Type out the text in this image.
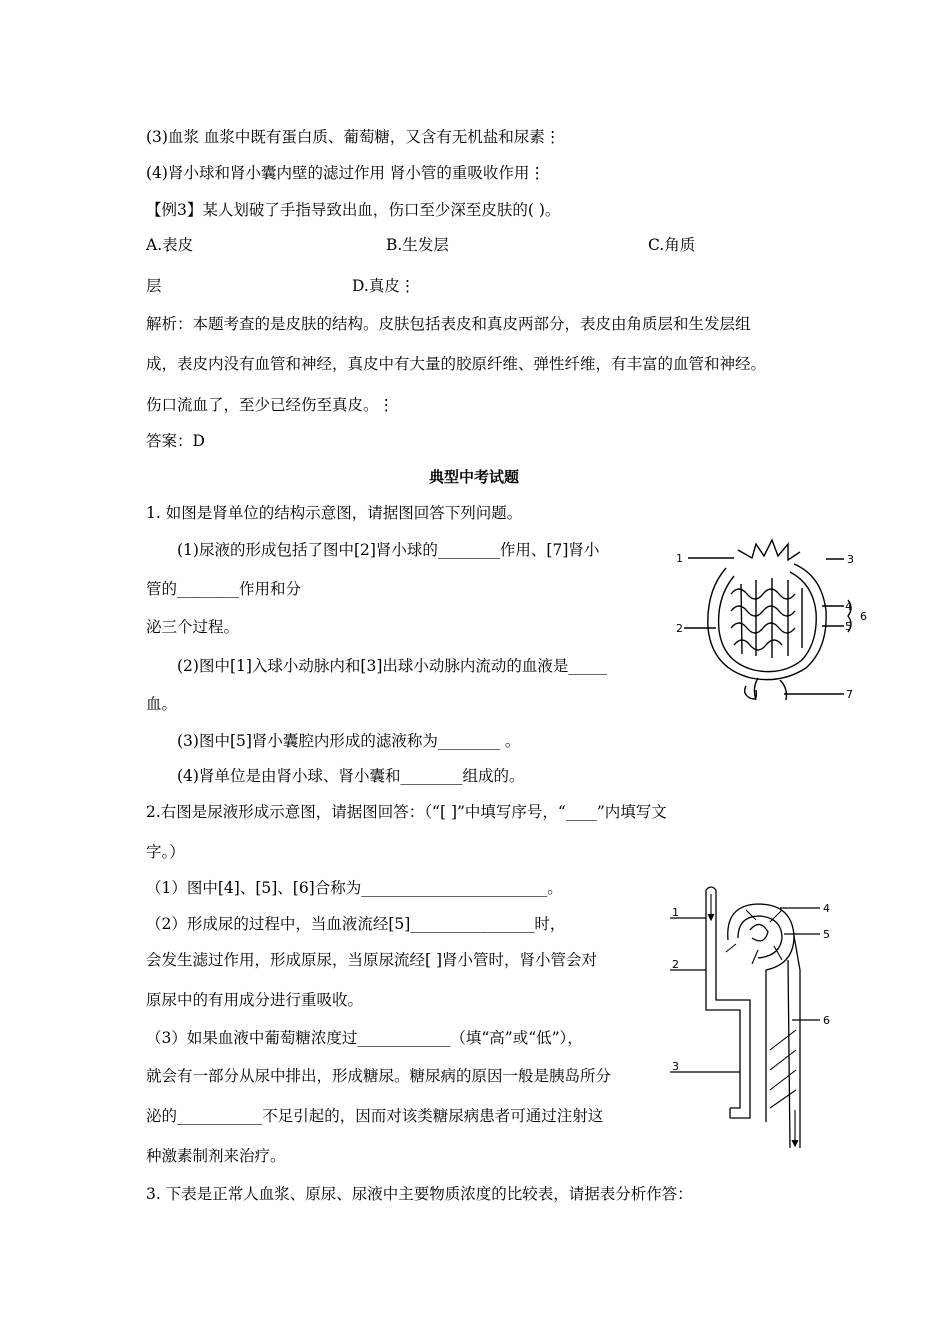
(3)血浆 血浆中既有蛋白质、葡萄糖，又含有无机盐和尿素⋮
(4)肾小球和肾小囊内壁的滤过作用 肾小管的重吸收作用⋮
【例3】某人划破了手指导致出血，伤口至少深至皮肤的( )。
A.表皮	B.生发层	C.角质
层	D.真皮⋮
解析：本题考查的是皮肤的结构。皮肤包括表皮和真皮两部分，表皮由角质层和生发层组
成，表皮内没有血管和神经，真皮中有大量的胶原纤维、弹性纤维，有丰富的血管和神经。
伤口流血了，至少已经伤至真皮。⋮
答案：D
典型中考试题
1. 如图是肾单位的结构示意图，请据图回答下列问题。
(1)尿液的形成包括了图中[2]肾小球的________作用、[7]肾小
管的________作用和分
泌三个过程。
(2)图中[1]入球小动脉内和[3]出球小动脉内流动的血液是_____
血。
(3)图中[5]肾小囊腔内形成的滤液称为________ 。
(4)肾单位是由肾小球、肾小囊和________组成的。
2.右图是尿液形成示意图，请据图回答：（“[ ]”中填写序号，“____”内填写文
字。）
（1）图中[4]、[5]、[6]合称为________________________。
（2）形成尿的过程中，当血液流经[5]________________时，
会发生滤过作用，形成原尿，当原尿流经[ ]肾小管时，肾小管会对
原尿中的有用成分进行重吸收。
（3）如果血液中葡萄糖浓度过____________（填“高”或“低”），
就会有一部分从尿中排出，形成糖尿。糖尿病的原因一般是胰岛所分
泌的___________不足引起的，因而对该类糖尿病患者可通过注射这
种激素制剂来治疗。
3. 下表是正常人血浆、原尿、尿液中主要物质浓度的比较表，请据表分析作答：
1
2
3
4
5
6
7
1
2
3
4
5
6
